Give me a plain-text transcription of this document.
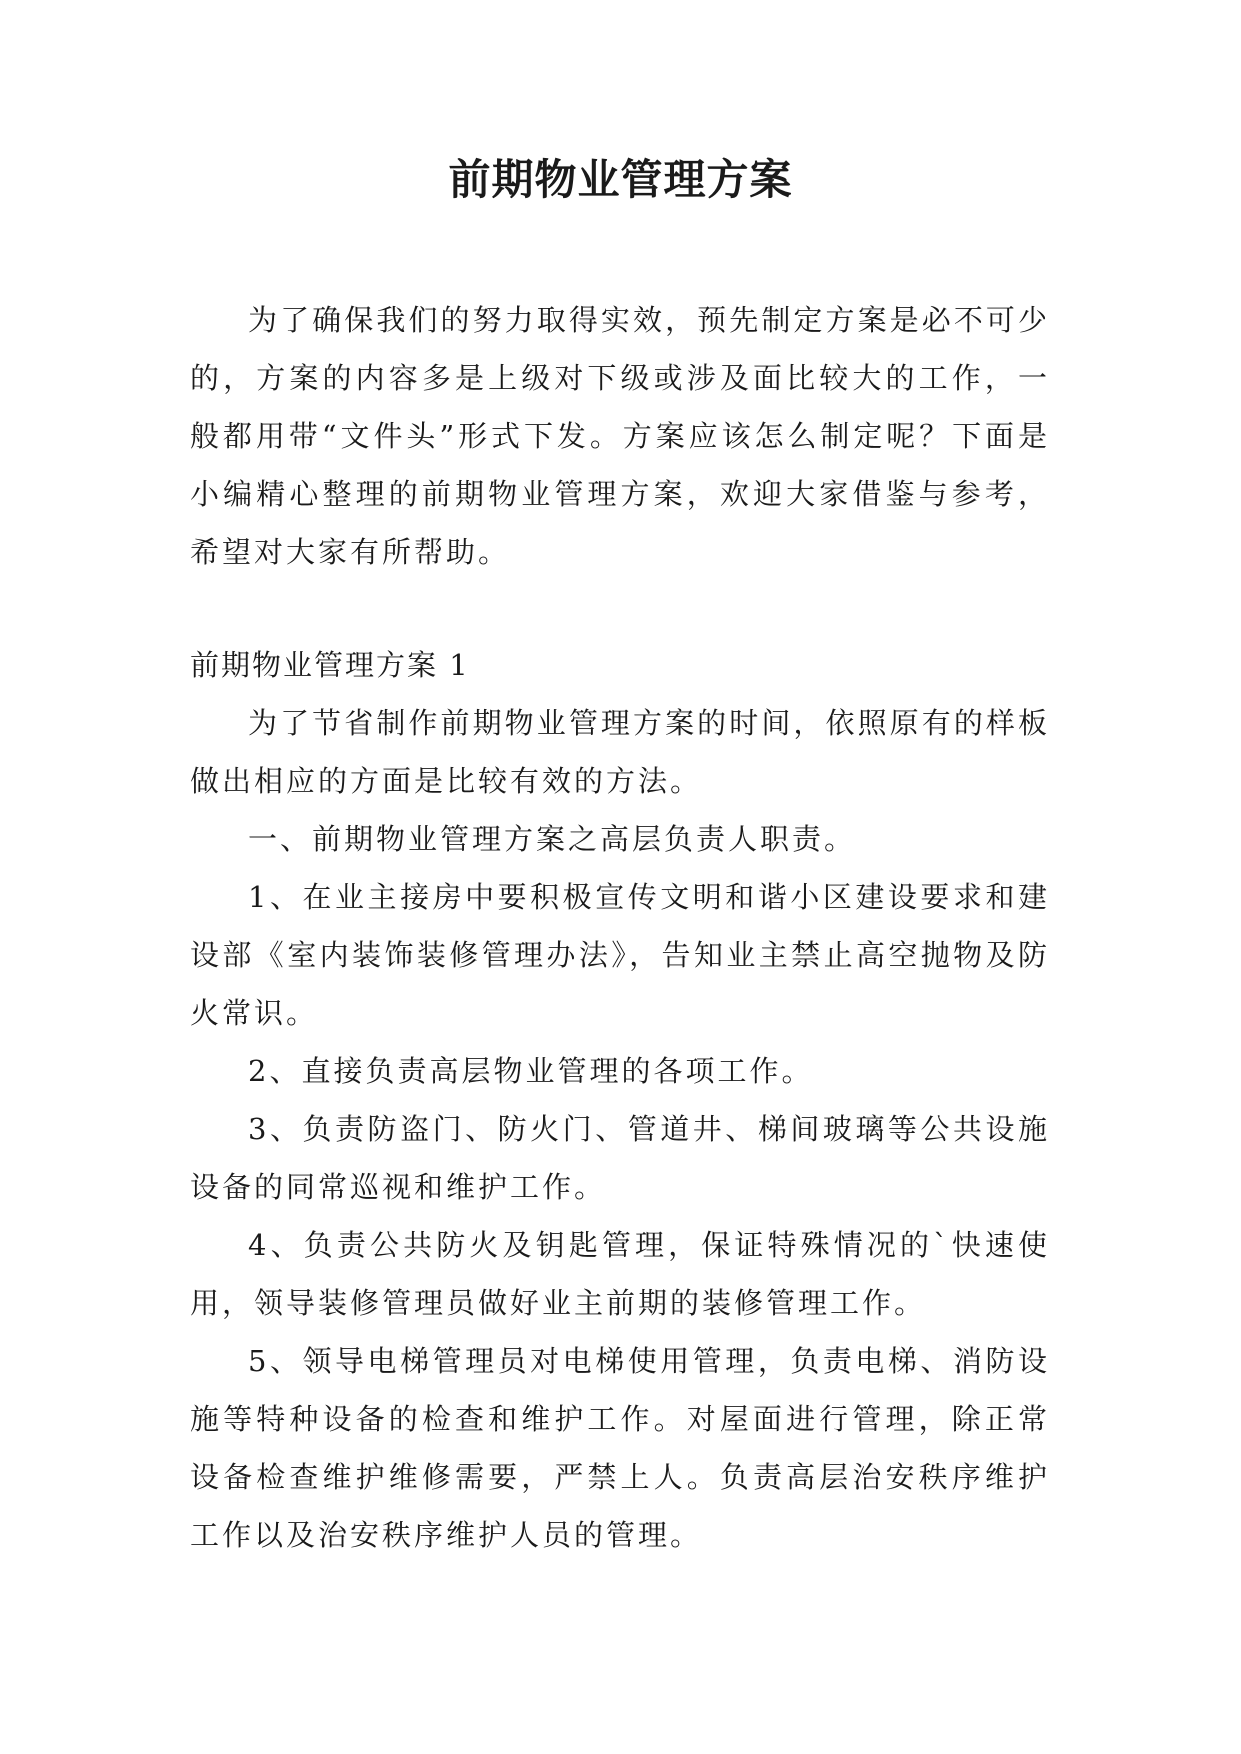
前期物业管理方案

为了确保我们的努力取得实效，预先制定方案是必不可少的，方案的内容多是上级对下级或涉及面比较大的工作，一般都用带“文件头”形式下发。方案应该怎么制定呢？下面是小编精心整理的前期物业管理方案，欢迎大家借鉴与参考，希望对大家有所帮助。

前期物业管理方案 1

为了节省制作前期物业管理方案的时间，依照原有的样板做出相应的方面是比较有效的方法。

一、前期物业管理方案之高层负责人职责。

1、在业主接房中要积极宣传文明和谐小区建设要求和建设部《室内装饰装修管理办法》，告知业主禁止高空抛物及防火常识。

2、直接负责高层物业管理的各项工作。

3、负责防盗门、防火门、管道井、梯间玻璃等公共设施设备的同常巡视和维护工作。

4、负责公共防火及钥匙管理，保证特殊情况的`快速使用，领导装修管理员做好业主前期的装修管理工作。

5、领导电梯管理员对电梯使用管理，负责电梯、消防设施等特种设备的检查和维护工作。对屋面进行管理，除正常设备检查维护维修需要，严禁上人。负责高层治安秩序维护工作以及治安秩序维护人员的管理。
